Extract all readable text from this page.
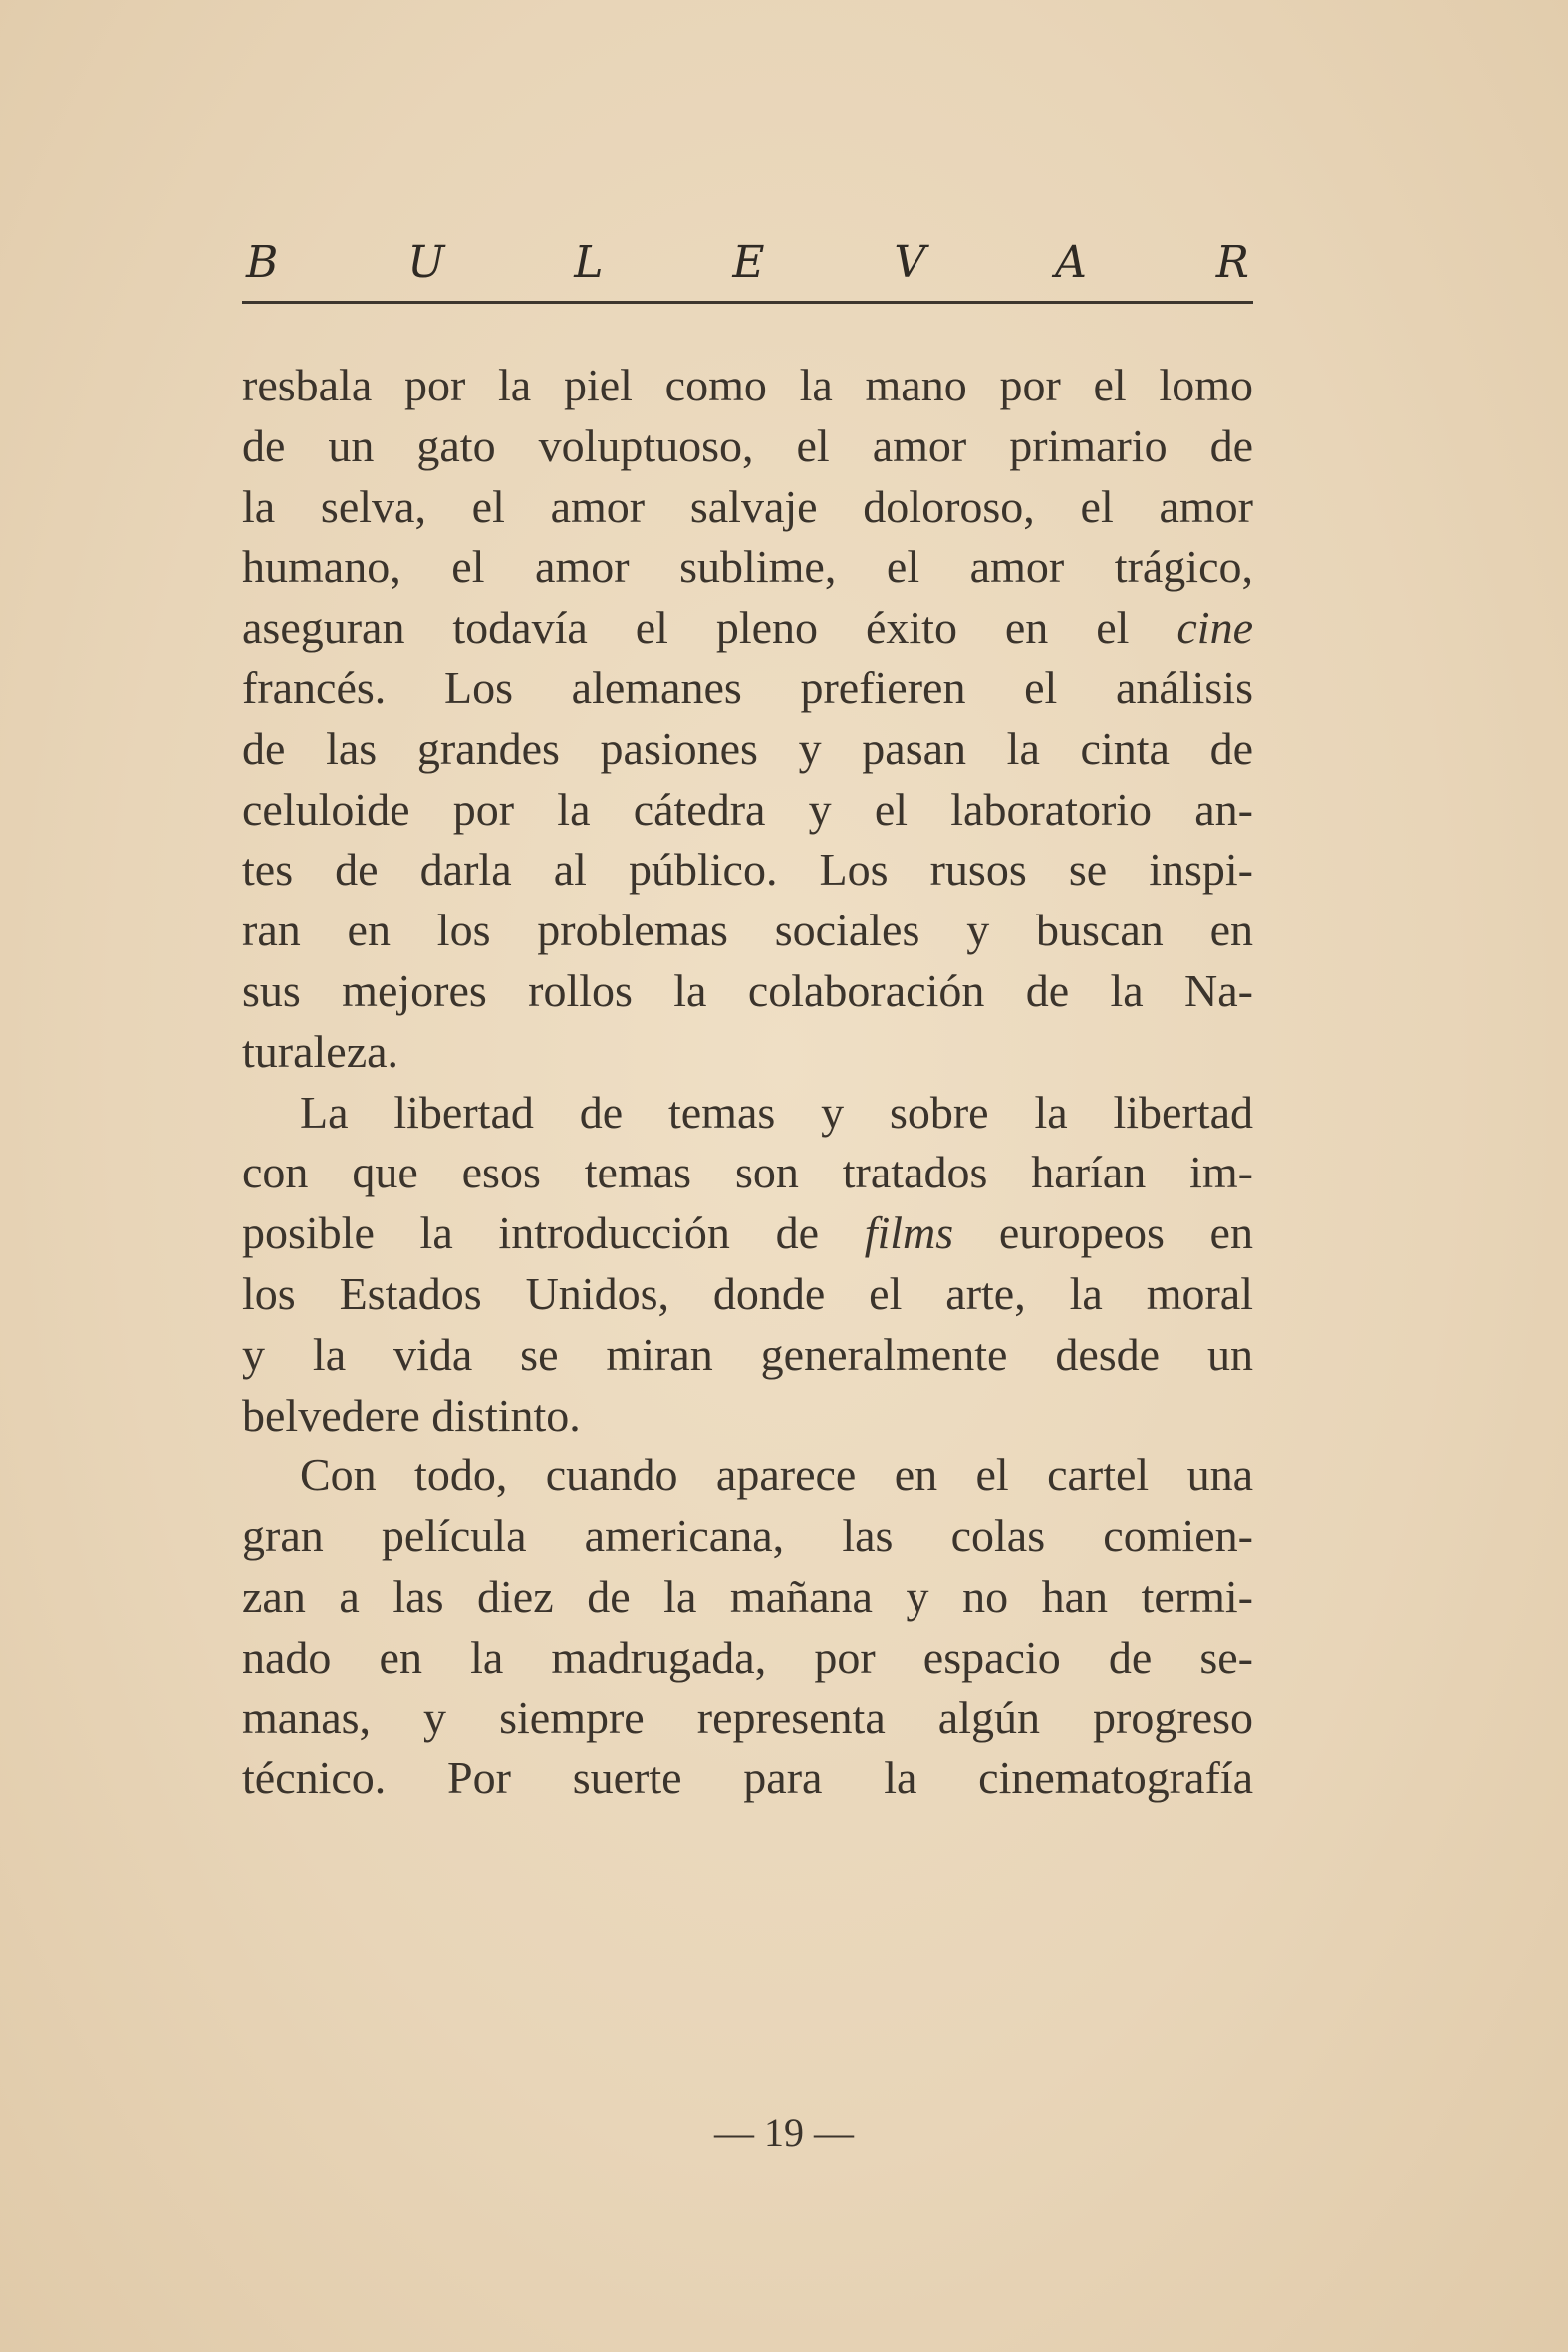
B	U	L	E	V	A	R
resbala por la piel como la mano por el lomo
de un gato voluptuoso, el amor primario de
la selva, el amor salvaje doloroso, el amor
humano, el amor sublime, el amor trágico,
aseguran todavía el pleno éxito en el cine
francés. Los alemanes prefieren el análisis
de las grandes pasiones y pasan la cinta de
celuloide por la cátedra y el laboratorio an-
tes de darla al público. Los rusos se inspi-
ran en los problemas sociales y buscan en
sus mejores rollos la colaboración de la Na-
turaleza.
La libertad de temas y sobre la libertad
con que esos temas son tratados harían im-
posible la introducción de films europeos en
los Estados Unidos, donde el arte, la moral
y la vida se miran generalmente desde un
belvedere distinto.
Con todo, cuando aparece en el cartel una
gran película americana, las colas comien-
zan a las diez de la mañana y no han termi-
nado en la madrugada, por espacio de se-
manas, y siempre representa algún progreso
técnico. Por suerte para la cinematografía
— 19 —
